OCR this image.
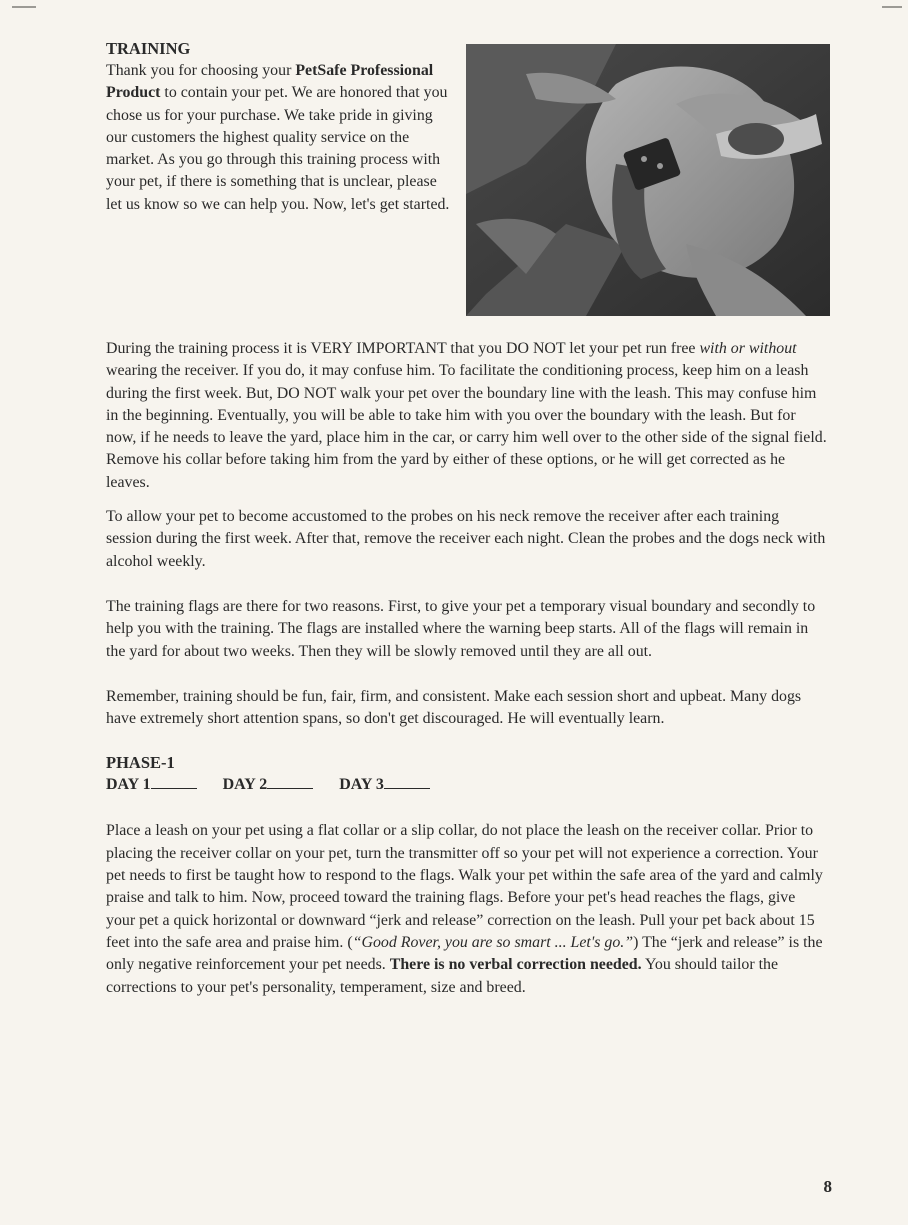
TRAINING

Thank you for choosing your PetSafe Professional Product to contain your pet. We are honored that you chose us for your purchase. We take pride in giving our customers the highest quality service on the market. As you go through this training process with your pet, if there is something that is unclear, please let us know so we can help you. Now, let's get started.

During the training process it is VERY IMPORTANT that you DO NOT let your pet run free with or without wearing the receiver. If you do, it may confuse him. To facilitate the conditioning process, keep him on a leash during the first week. But, DO NOT walk your pet over the boundary line with the leash. This may confuse him in the beginning. Eventually, you will be able to take him with you over the boundary with the leash. But for now, if he needs to leave the yard, place him in the car, or carry him well over to the other side of the signal field. Remove his collar before taking him from the yard by either of these options, or he will get corrected as he leaves.

To allow your pet to become accustomed to the probes on his neck remove the receiver after each training session during the first week. After that, remove the receiver each night. Clean the probes and the dogs neck with alcohol weekly.

The training flags are there for two reasons. First, to give your pet a temporary visual boundary and secondly to help you with the training. The flags are installed where the warning beep starts. All of the flags will remain in the yard for about two weeks. Then they will be slowly removed until they are all out.

Remember, training should be fun, fair, firm, and consistent. Make each session short and upbeat. Many dogs have extremely short attention spans, so don't get discouraged. He will eventually learn.

PHASE-1
DAY 1	DAY 2	DAY 3

Place a leash on your pet using a flat collar or a slip collar, do not place the leash on the receiver collar. Prior to placing the receiver collar on your pet, turn the transmitter off so your pet will not experience a correction. Your pet needs to first be taught how to respond to the flags. Walk your pet within the safe area of the yard and calmly praise and talk to him. Now, proceed toward the training flags. Before your pet's head reaches the flags, give your pet a quick horizontal or downward “jerk and release” correction on the leash. Pull your pet back about 15 feet into the safe area and praise him. (“Good Rover, you are so smart ... Let's go.”) The “jerk and release” is the only negative reinforcement your pet needs. There is no verbal correction needed. You should tailor the corrections to your pet's personality, temperament, size and breed.

8
